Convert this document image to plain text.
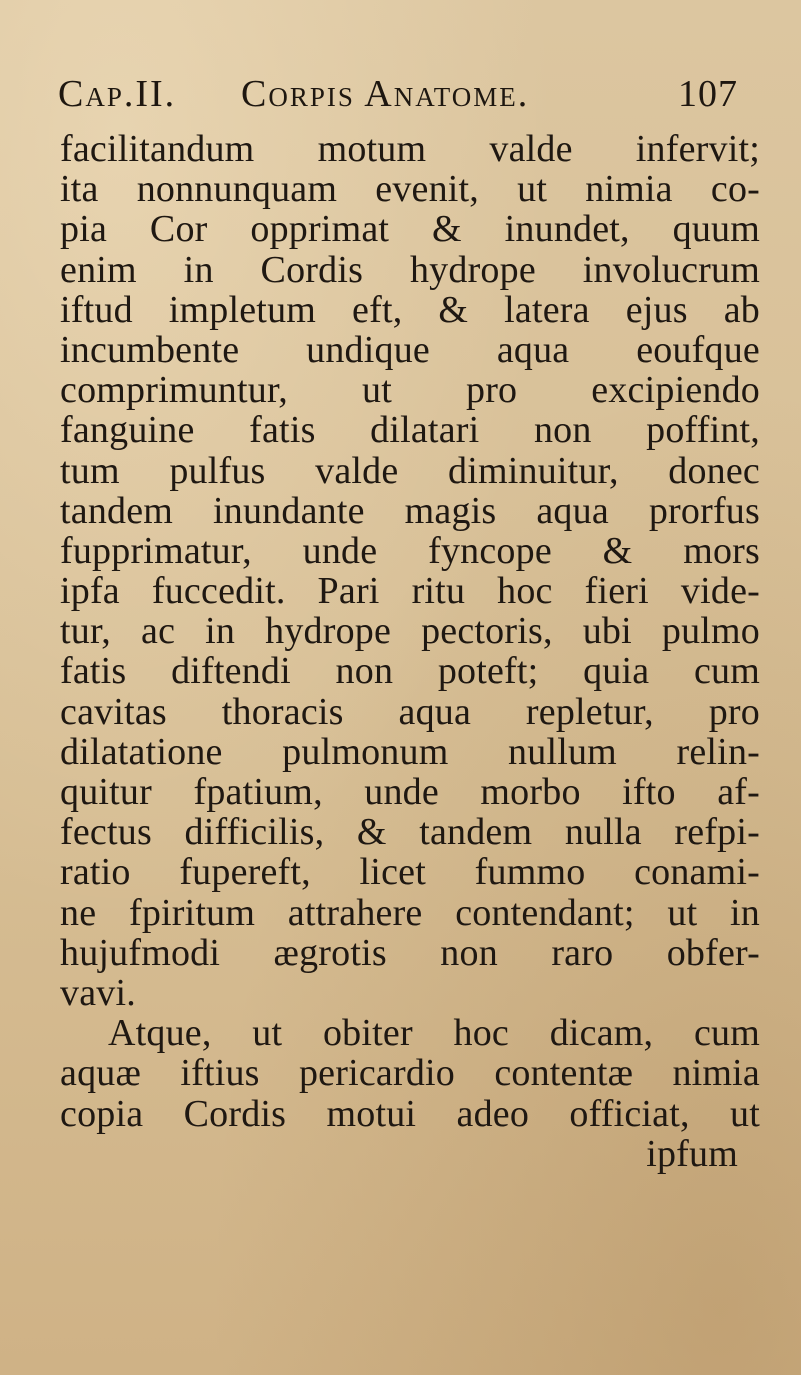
Cap.II. Corpis Anatome.	107
facilitandum motum valde infervit;
ita nonnunquam evenit, ut nimia co-
pia Cor opprimat & inundet, quum
enim in Cordis hydrope involucrum
iftud impletum eft, & latera ejus ab
incumbente undique aqua eoufque
comprimuntur, ut pro excipiendo
fanguine fatis dilatari non poffint,
tum pulfus valde diminuitur, donec
tandem inundante magis aqua prorfus
fupprimatur, unde fyncope & mors
ipfa fuccedit. Pari ritu hoc fieri vide-
tur, ac in hydrope pectoris, ubi pulmo
fatis diftendi non poteft; quia cum
cavitas thoracis aqua repletur, pro
dilatatione pulmonum nullum relin-
quitur fpatium, unde morbo ifto af-
fectus difficilis, & tandem nulla refpi-
ratio fupereft, licet fummo conami-
ne fpiritum attrahere contendant; ut in
hujufmodi ægrotis non raro obfer-
vavi.
Atque, ut obiter hoc dicam, cum
aquæ iftius pericardio contentæ nimia
copia Cordis motui adeo officiat, ut
ipfum
